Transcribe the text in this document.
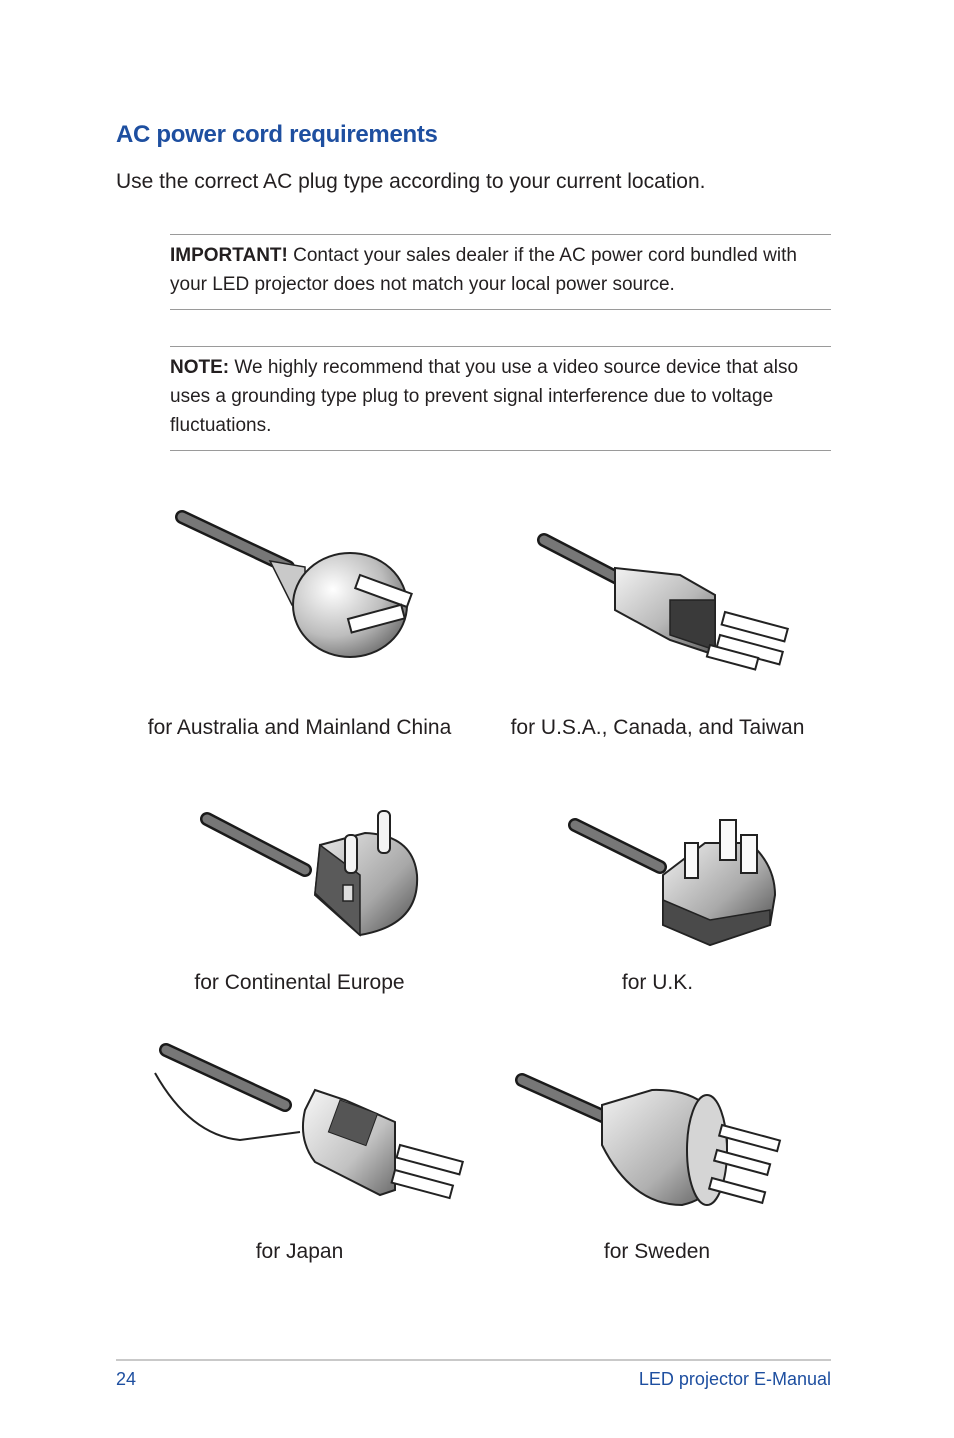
AC power cord requirements

Use the correct AC plug type according to your current location.

IMPORTANT! Contact your sales dealer if the AC power cord bundled with your LED projector does not match your local power source.
NOTE: We highly recommend that you use a video source device that also uses a grounding type plug to prevent signal interference due to voltage fluctuations.
for Australia and Mainland China	for U.S.A., Canada, and Taiwan
for Continental Europe	for U.K.
for Japan	for Sweden
24	LED projector E-Manual
